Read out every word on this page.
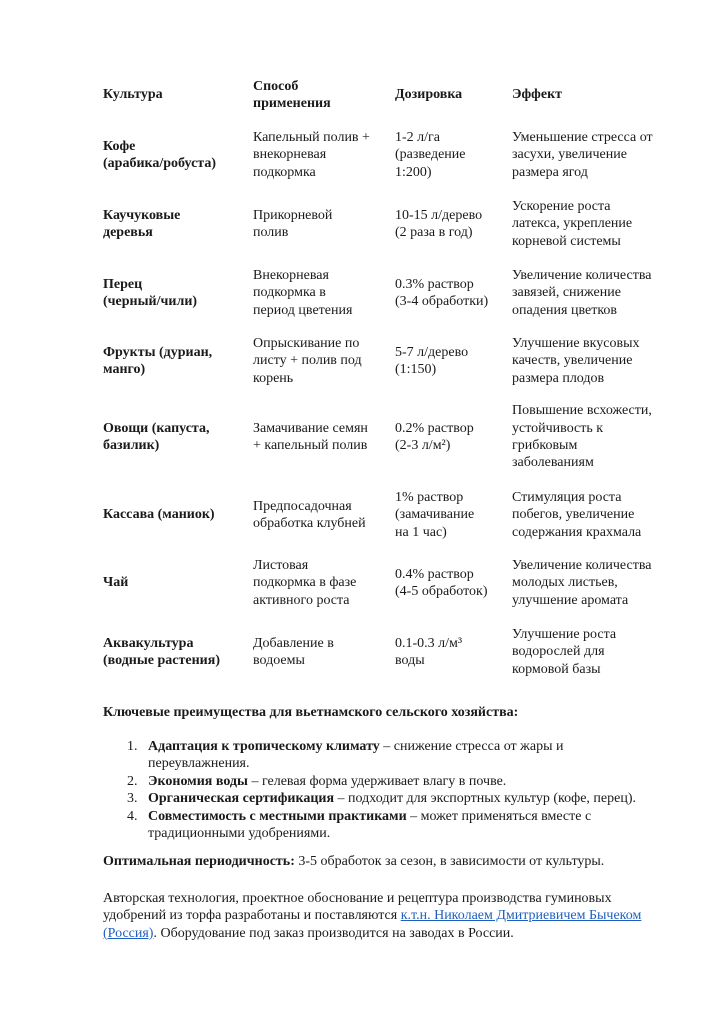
Культура
Способ
применения
Дозировка	Эффект
Кофе
(арабика/робуста)
Капельный полив +
внекорневая
подкормка
1-2 л/га
(разведение
1:200)
Уменьшение стресса от
засухи, увеличение
размера ягод
Каучуковые
деревья
Прикорневой
полив
10-15 л/дерево
(2 раза в год)
Ускорение роста
латекса, укрепление
корневой системы
Перец
(черный/чили)
Внекорневая
подкормка в
период цветения
0.3% раствор
(3-4 обработки)
Увеличение количества
завязей, снижение
опадения цветков
Фрукты (дуриан,
манго)
Опрыскивание по
листу + полив под
корень
5-7 л/дерево
(1:150)
Улучшение вкусовых
качеств, увеличение
размера плодов
Овощи (капуста,
базилик)
Замачивание семян
+ капельный полив
0.2% раствор
(2-3 л/м²)
Повышение всхожести,
устойчивость к
грибковым
заболеваниям
Кассава (маниок)
Предпосадочная
обработка клубней
1% раствор
(замачивание
на 1 час)
Стимуляция роста
побегов, увеличение
содержания крахмала
Чай
Листовая
подкормка в фазе
активного роста
0.4% раствор
(4-5 обработок)
Увеличение количества
молодых листьев,
улучшение аромата
Аквакультура
(водные растения)
Добавление в
водоемы
0.1-0.3 л/м³
воды
Улучшение роста
водорослей для
кормовой базы
Ключевые преимущества для вьетнамского сельского хозяйства:
1. Адаптация к тропическому климату – снижение стресса от жары и переувлажнения.
2. Экономия воды – гелевая форма удерживает влагу в почве.
3. Органическая сертификация – подходит для экспортных культур (кофе, перец).
4. Совместимость с местными практиками – может применяться вместе с традиционными удобрениями.
Оптимальная периодичность: 3-5 обработок за сезон, в зависимости от культуры.
Авторская технология, проектное обоснование и рецептура производства гуминовых удобрений из торфа разработаны и поставляются к.т.н. Николаем Дмитриевичем Бычеком (Россия). Оборудование под заказ производится на заводах в России.
